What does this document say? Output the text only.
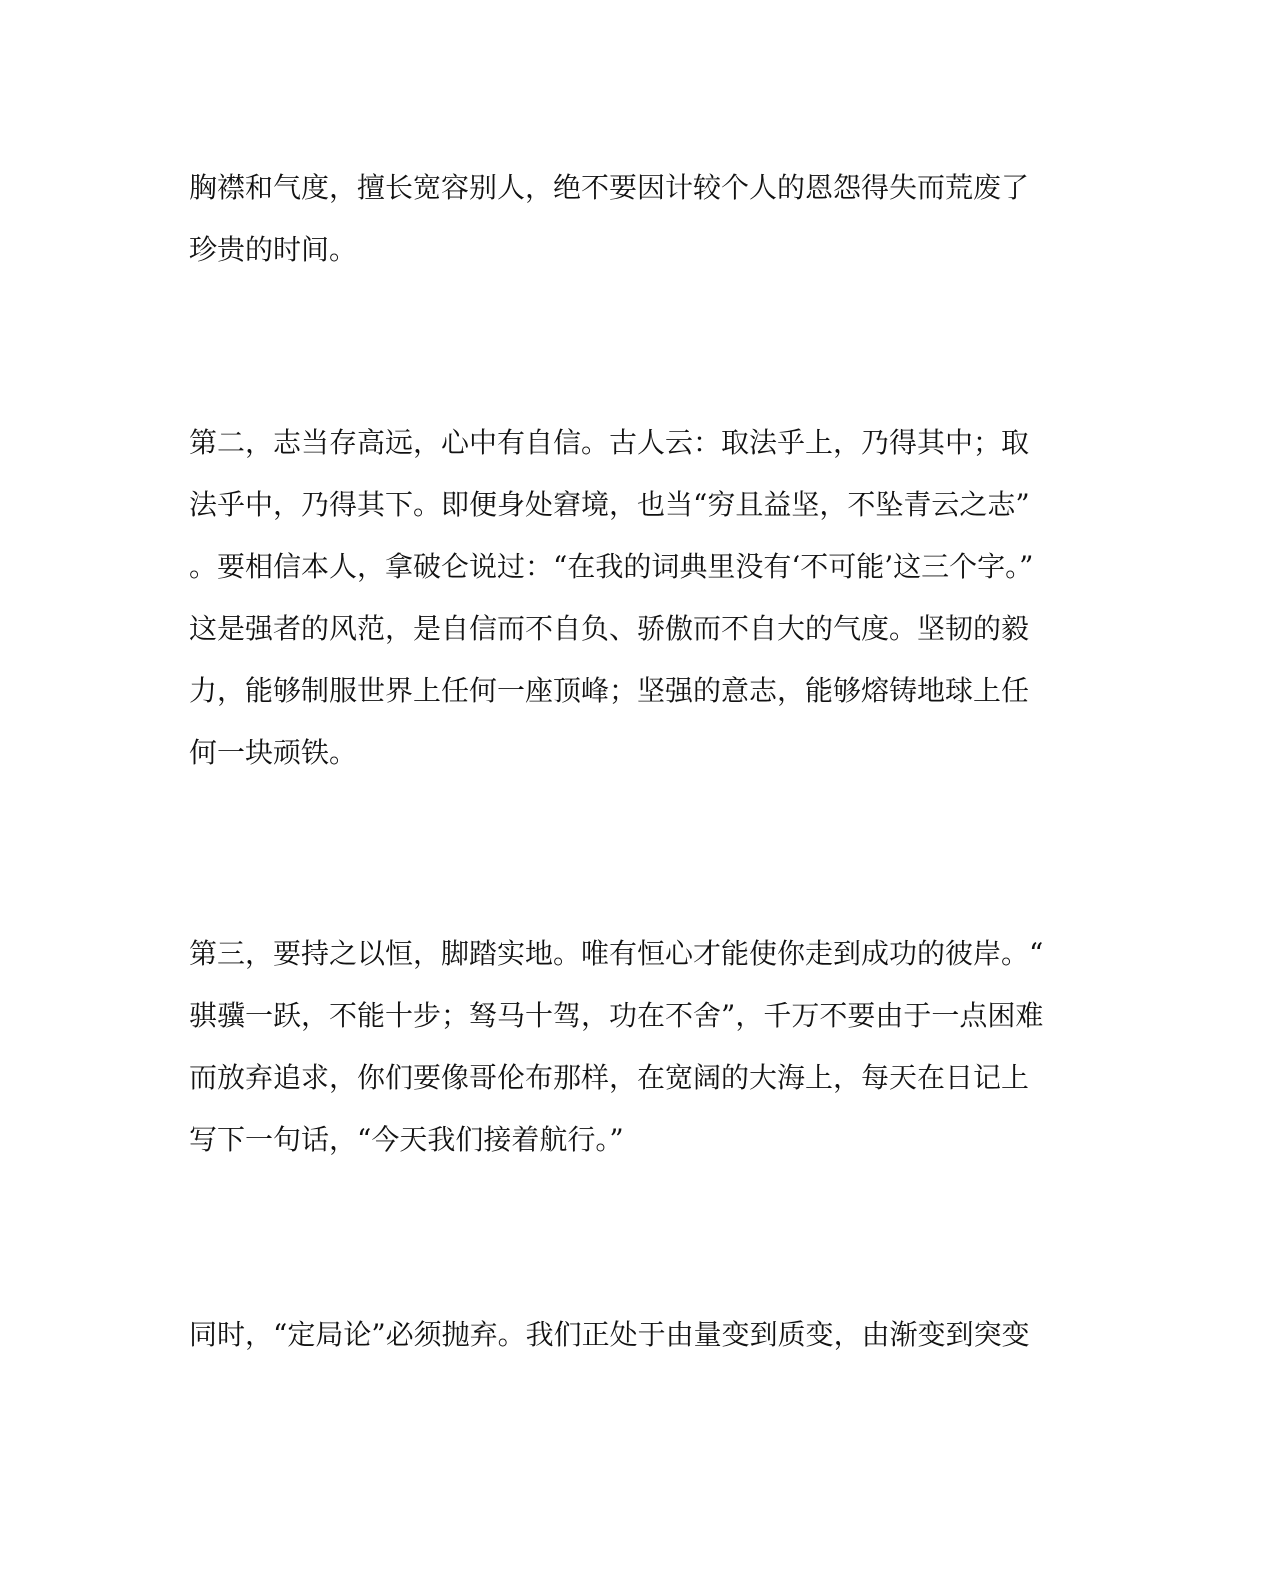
胸襟和气度，擅长宽容别人，绝不要因计较个人的恩怨得失而荒废了

珍贵的时间。

第二，志当存高远，心中有自信。古人云：取法乎上，乃得其中；取

法乎中，乃得其下。即便身处窘境，也当“穷且益坚，不坠青云之志”

。要相信本人，拿破仑说过：“在我的词典里没有‘不可能’这三个字。”

这是强者的风范，是自信而不自负、骄傲而不自大的气度。坚韧的毅

力，能够制服世界上任何一座顶峰；坚强的意志，能够熔铸地球上任

何一块顽铁。

第三，要持之以恒，脚踏实地。唯有恒心才能使你走到成功的彼岸。“

骐骥一跃，不能十步；驽马十驾，功在不舍”，千万不要由于一点困难

而放弃追求，你们要像哥伦布那样，在宽阔的大海上，每天在日记上

写下一句话，“今天我们接着航行。”

同时，“定局论”必须抛弃。我们正处于由量变到质变，由渐变到突变
